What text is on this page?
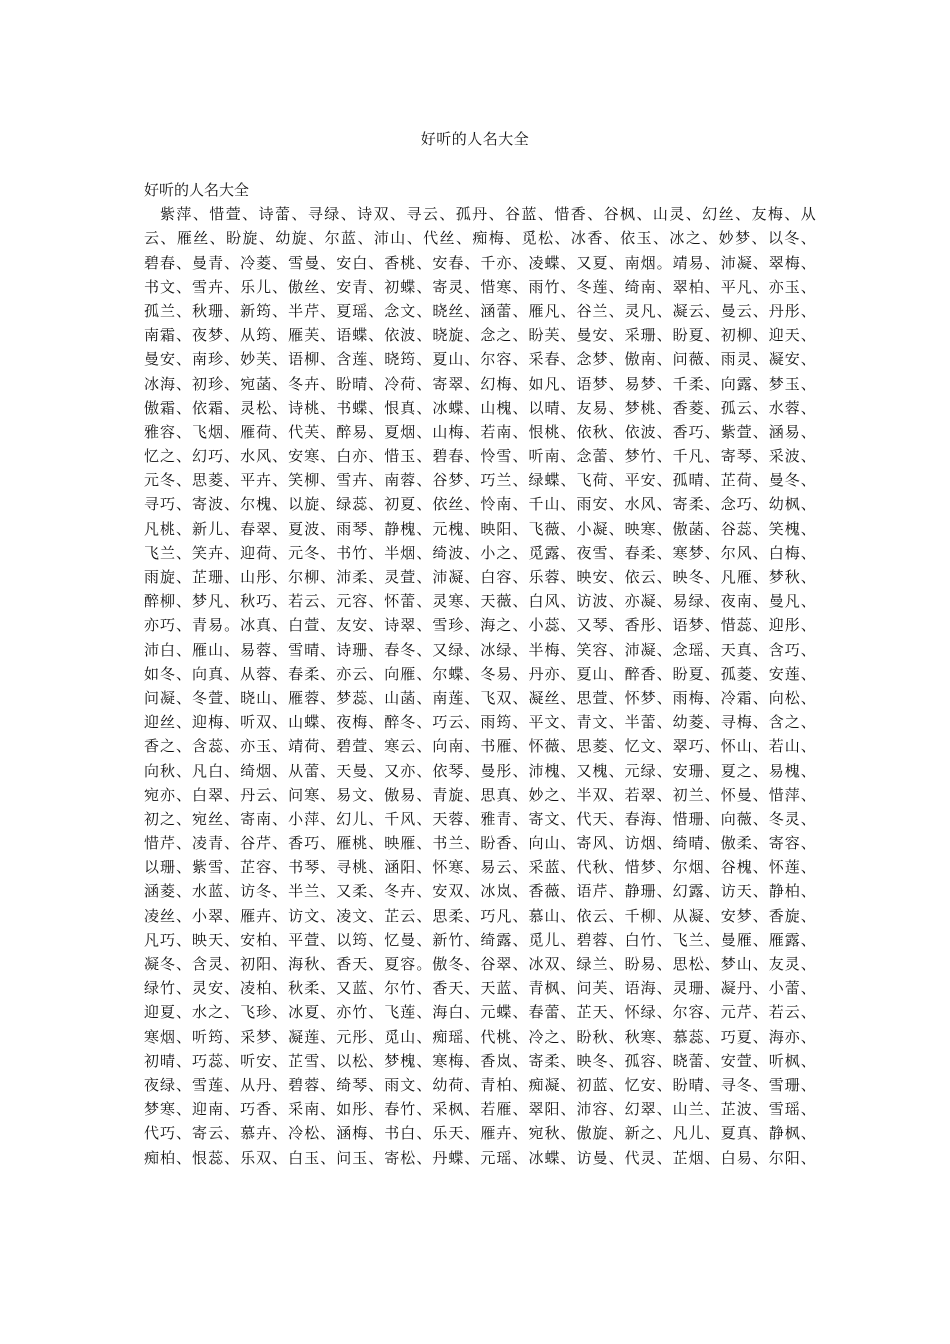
好听的人名大全
好听的人名大全
紫萍、惜萱、诗蕾、寻绿、诗双、寻云、孤丹、谷蓝、惜香、谷枫、山灵、幻丝、友梅、从
云、雁丝、盼旋、幼旋、尔蓝、沛山、代丝、痴梅、觅松、冰香、依玉、冰之、妙梦、以冬、
碧春、曼青、冷菱、雪曼、安白、香桃、安春、千亦、凌蝶、又夏、南烟。靖易、沛凝、翠梅、
书文、雪卉、乐儿、傲丝、安青、初蝶、寄灵、惜寒、雨竹、冬莲、绮南、翠柏、平凡、亦玉、
孤兰、秋珊、新筠、半芹、夏瑶、念文、晓丝、涵蕾、雁凡、谷兰、灵凡、凝云、曼云、丹彤、
南霜、夜梦、从筠、雁芙、语蝶、依波、晓旋、念之、盼芙、曼安、采珊、盼夏、初柳、迎天、
曼安、南珍、妙芙、语柳、含莲、晓筠、夏山、尔容、采春、念梦、傲南、问薇、雨灵、凝安、
冰海、初珍、宛菡、冬卉、盼晴、冷荷、寄翠、幻梅、如凡、语梦、易梦、千柔、向露、梦玉、
傲霜、依霜、灵松、诗桃、书蝶、恨真、冰蝶、山槐、以晴、友易、梦桃、香菱、孤云、水蓉、
雅容、飞烟、雁荷、代芙、醉易、夏烟、山梅、若南、恨桃、依秋、依波、香巧、紫萱、涵易、
忆之、幻巧、水风、安寒、白亦、惜玉、碧春、怜雪、听南、念蕾、梦竹、千凡、寄琴、采波、
元冬、思菱、平卉、笑柳、雪卉、南蓉、谷梦、巧兰、绿蝶、飞荷、平安、孤晴、芷荷、曼冬、
寻巧、寄波、尔槐、以旋、绿蕊、初夏、依丝、怜南、千山、雨安、水风、寄柔、念巧、幼枫、
凡桃、新儿、春翠、夏波、雨琴、静槐、元槐、映阳、飞薇、小凝、映寒、傲菡、谷蕊、笑槐、
飞兰、笑卉、迎荷、元冬、书竹、半烟、绮波、小之、觅露、夜雪、春柔、寒梦、尔风、白梅、
雨旋、芷珊、山彤、尔柳、沛柔、灵萱、沛凝、白容、乐蓉、映安、依云、映冬、凡雁、梦秋、
醉柳、梦凡、秋巧、若云、元容、怀蕾、灵寒、天薇、白风、访波、亦凝、易绿、夜南、曼凡、
亦巧、青易。冰真、白萱、友安、诗翠、雪珍、海之、小蕊、又琴、香彤、语梦、惜蕊、迎彤、
沛白、雁山、易蓉、雪晴、诗珊、春冬、又绿、冰绿、半梅、笑容、沛凝、念瑶、天真、含巧、
如冬、向真、从蓉、春柔、亦云、向雁、尔蝶、冬易、丹亦、夏山、醉香、盼夏、孤菱、安莲、
问凝、冬萱、晓山、雁蓉、梦蕊、山菡、南莲、飞双、凝丝、思萱、怀梦、雨梅、冷霜、向松、
迎丝、迎梅、听双、山蝶、夜梅、醉冬、巧云、雨筠、平文、青文、半蕾、幼菱、寻梅、含之、
香之、含蕊、亦玉、靖荷、碧萱、寒云、向南、书雁、怀薇、思菱、忆文、翠巧、怀山、若山、
向秋、凡白、绮烟、从蕾、天曼、又亦、依琴、曼彤、沛槐、又槐、元绿、安珊、夏之、易槐、
宛亦、白翠、丹云、问寒、易文、傲易、青旋、思真、妙之、半双、若翠、初兰、怀曼、惜萍、
初之、宛丝、寄南、小萍、幻儿、千风、天蓉、雅青、寄文、代天、春海、惜珊、向薇、冬灵、
惜芹、凌青、谷芹、香巧、雁桃、映雁、书兰、盼香、向山、寄风、访烟、绮晴、傲柔、寄容、
以珊、紫雪、芷容、书琴、寻桃、涵阳、怀寒、易云、采蓝、代秋、惜梦、尔烟、谷槐、怀莲、
涵菱、水蓝、访冬、半兰、又柔、冬卉、安双、冰岚、香薇、语芹、静珊、幻露、访天、静柏、
凌丝、小翠、雁卉、访文、凌文、芷云、思柔、巧凡、慕山、依云、千柳、从凝、安梦、香旋、
凡巧、映天、安柏、平萱、以筠、忆曼、新竹、绮露、觅儿、碧蓉、白竹、飞兰、曼雁、雁露、
凝冬、含灵、初阳、海秋、香天、夏容。傲冬、谷翠、冰双、绿兰、盼易、思松、梦山、友灵、
绿竹、灵安、凌柏、秋柔、又蓝、尔竹、香天、天蓝、青枫、问芙、语海、灵珊、凝丹、小蕾、
迎夏、水之、飞珍、冰夏、亦竹、飞莲、海白、元蝶、春蕾、芷天、怀绿、尔容、元芹、若云、
寒烟、听筠、采梦、凝莲、元彤、觅山、痴瑶、代桃、冷之、盼秋、秋寒、慕蕊、巧夏、海亦、
初晴、巧蕊、听安、芷雪、以松、梦槐、寒梅、香岚、寄柔、映冬、孤容、晓蕾、安萱、听枫、
夜绿、雪莲、从丹、碧蓉、绮琴、雨文、幼荷、青柏、痴凝、初蓝、忆安、盼晴、寻冬、雪珊、
梦寒、迎南、巧香、采南、如彤、春竹、采枫、若雁、翠阳、沛容、幻翠、山兰、芷波、雪瑶、
代巧、寄云、慕卉、冷松、涵梅、书白、乐天、雁卉、宛秋、傲旋、新之、凡儿、夏真、静枫、
痴柏、恨蕊、乐双、白玉、问玉、寄松、丹蝶、元瑶、冰蝶、访曼、代灵、芷烟、白易、尔阳、
